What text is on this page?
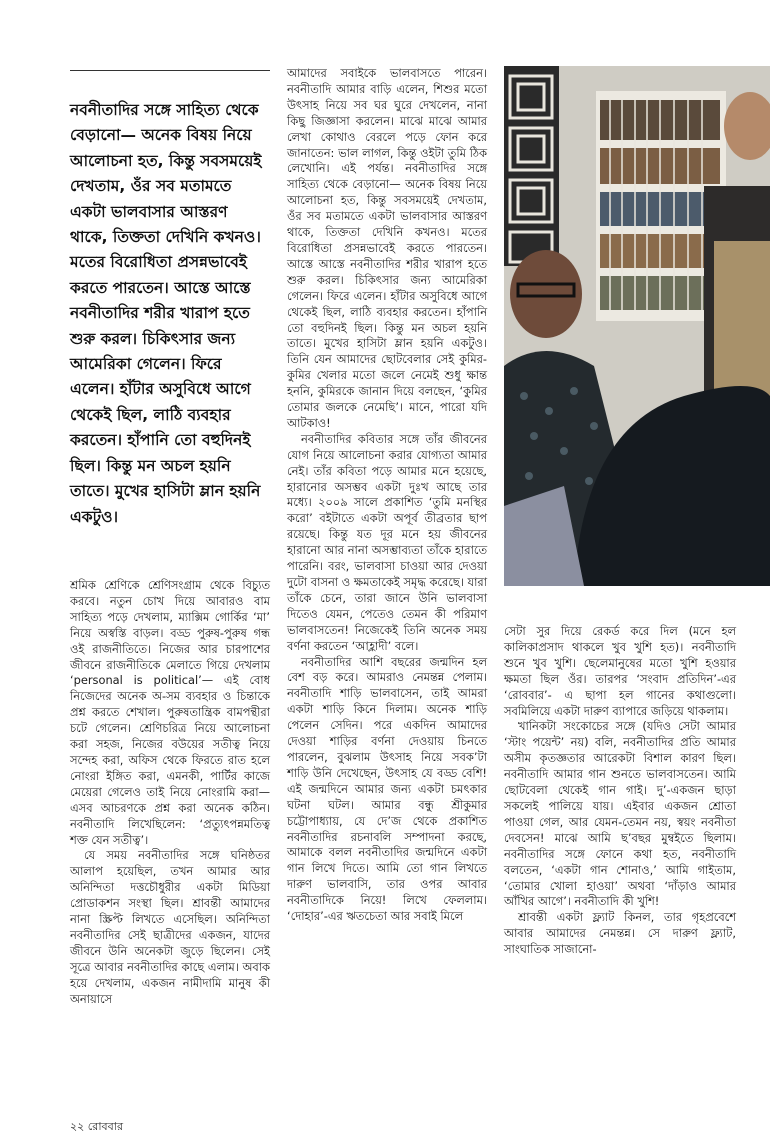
নবনীতাদির সঙ্গে সাহিত্য থেকে বেড়ানো— অনেক বিষয় নিয়ে আলোচনা হত, কিন্তু সবসময়েই দেখতাম, ওঁর সব মতামতে একটা ভালবাসার আস্তরণ থাকে, তিক্ততা দেখিনি কখনও। মতের বিরোধিতা প্রসন্নভাবেই করতে পারতেন। আস্তে আস্তে নবনীতাদির শরীর খারাপ হতে শুরু করল। চিকিৎসার জন্য আমেরিকা গেলেন। ফিরে এলেন। হাঁটার অসুবিধে আগে থেকেই ছিল, লাঠি ব্যবহার করতেন। হাঁপানি তো বহুদিনই ছিল। কিন্তু মন অচল হয়নি তাতে। মুখের হাসিটা ম্লান হয়নি একটুও।

শ্রমিক শ্রেণিকে শ্রেণিসংগ্রাম থেকে বিচ্যুত করবে। নতুন চোখ দিয়ে আবারও বাম সাহিত্য পড়ে দেখলাম, ম্যাক্সিম গোর্কির ‘মা’ নিয়ে অস্বস্তি বাড়ল। বড্ড পুরুষ-পুরুষ গন্ধ ওই রাজনীতিতে। নিজের আর চারপাশের জীবনে রাজনীতিকে মেলাতে গিয়ে দেখলাম ‘personal is political’— এই বোধ নিজেদের অনেক অ-সম ব্যবহার ও চিন্তাকে প্রশ্ন করতে শেখাল। পুরুষতান্ত্রিক বামপন্থীরা চটে গেলেন। শ্রেণিচরিত্র নিয়ে আলোচনা করা সহজ, নিজের বউয়ের সতীত্ব নিয়ে সন্দেহ করা, অফিস থেকে ফিরতে রাত হলে নোংরা ইঙ্গিত করা, এমনকী, পার্টির কাজে মেয়েরা গেলেও তাই নিয়ে নোংরামি করা— এসব আচরণকে প্রশ্ন করা অনেক কঠিন। নবনীতাদি লিখেছিলেন: ‘প্রত্যুৎপন্নমতিত্ব শক্ত যেন সতীত্ব’।

যে সময় নবনীতাদির সঙ্গে ঘনিষ্ঠতর আলাপ হয়েছিল, তখন আমার আর অনিন্দিতা দত্তচৌধুরীর একটা মিডিয়া প্রোডাকশন সংস্থা ছিল। শ্রাবন্তী আমাদের নানা স্ক্রিপ্ট লিখতে এসেছিল। অনিন্দিতা নবনীতাদির সেই ছাত্রীদের একজন, যাদের জীবনে উনি অনেকটা জুড়ে ছিলেন। সেই সূত্রে আবার নবনীতাদির কাছে এলাম। অবাক হয়ে দেখলাম, একজন নামীদামি মানুষ কী অনায়াসে

আমাদের সবাইকে ভালবাসতে পারেন। নবনীতাদি আমার বাড়ি এলেন, শিশুর মতো উৎসাহ নিয়ে সব ঘর ঘুরে দেখলেন, নানা কিছু জিজ্ঞাসা করলেন। মাঝে মাঝে আমার লেখা কোথাও বেরলে পড়ে ফোন করে জানাতেন: ভাল লাগল, কিন্তু ওইটা তুমি ঠিক লেখোনি। এই পর্যন্ত। নবনীতাদির সঙ্গে সাহিত্য থেকে বেড়ানো— অনেক বিষয় নিয়ে আলোচনা হত, কিন্তু সবসময়েই দেখতাম, ওঁর সব মতামতে একটা ভালবাসার আস্তরণ থাকে, তিক্ততা দেখিনি কখনও। মতের বিরোধিতা প্রসন্নভাবেই করতে পারতেন। আস্তে আস্তে নবনীতাদির শরীর খারাপ হতে শুরু করল। চিকিৎসার জন্য আমেরিকা গেলেন। ফিরে এলেন। হাঁটার অসুবিধে আগে থেকেই ছিল, লাঠি ব্যবহার করতেন। হাঁপানি তো বহুদিনই ছিল। কিন্তু মন অচল হয়নি তাতে। মুখের হাসিটা ম্লান হয়নি একটুও। তিনি যেন আমাদের ছোটবেলার সেই কুমির-কুমির খেলার মতো জলে নেমেই শুধু ক্ষান্ত হননি, কুমিরকে জানান দিয়ে বলছেন, ‘কুমির তোমার জলকে নেমেছি’। মানে, পারো যদি আটকাও!

নবনীতাদির কবিতার সঙ্গে তাঁর জীবনের যোগ নিয়ে আলোচনা করার যোগ্যতা আমার নেই। তাঁর কবিতা পড়ে আমার মনে হয়েছে, হারানোর অসম্ভব একটা দুঃখ আছে তার মধ্যে। ২০০৯ সালে প্রকাশিত ‘তুমি মনস্থির করো’ বইটাতে একটা অপূর্ব তীব্রতার ছাপ রয়েছে। কিন্তু যত দূর মনে হয় জীবনের হারানো আর নানা অসম্ভাব্যতা তাঁকে হারাতে পারেনি। বরং, ভালবাসা চাওয়া আর দেওয়া দুটো বাসনা ও ক্ষমতাকেই সমৃদ্ধ করেছে। যারা তাঁকে চেনে, তারা জানে উনি ভালবাসা দিতেও যেমন, পেতেও তেমন কী পরিমাণ ভালবাসতেন! নিজেকেই তিনি অনেক সময় বর্ণনা করতেন ‘আহ্লাদী’ বলে।

নবনীতাদির আশি বছরের জন্মদিন হল বেশ বড় করে। আমরাও নেমন্তন্ন পেলাম। নবনীতাদি শাড়ি ভালবাসেন, তাই আমরা একটা শাড়ি কিনে দিলাম। অনেক শাড়ি পেলেন সেদিন। পরে একদিন আমাদের দেওয়া শাড়ির বর্ণনা দেওয়ায় চিনতে পারলেন, বুঝলাম উৎসাহ নিয়ে সবক’টা শাড়ি উনি দেখেছেন, উৎসাহ যে বড্ড বেশি! এই জন্মদিনে আমার জন্য একটা চমৎকার ঘটনা ঘটল। আমার বন্ধু শ্রীকুমার চট্টোপাধ্যায়, যে দে’জ থেকে প্রকাশিত নবনীতাদির রচনাবলি সম্পাদনা করছে, আমাকে বলল নবনীতাদির জন্মদিনে একটা গান লিখে দিতে। আমি তো গান লিখতে দারুণ ভালবাসি, তার ওপর আবার নবনীতাদিকে নিয়ে! লিখে ফেললাম। ‘দোহার’-এর ঋতচেতা আর সবাই মিলে

সেটা সুর দিয়ে রেকর্ড করে দিল (মনে হল কালিকাপ্রসাদ থাকলে খুব খুশি হত)। নবনীতাদি শুনে খুব খুশি। ছেলেমানুষের মতো খুশি হওয়ার ক্ষমতা ছিল ওঁর। তারপর ‘সংবাদ প্রতিদিন’-এর ‘রোববার’- এ ছাপা হল গানের কথাগুলো। সবমিলিয়ে একটা দারুণ ব্যাপারে জড়িয়ে থাকলাম।

খানিকটা সংকোচের সঙ্গে (যদিও সেটা আমার ‘স্টাং পয়েন্ট’ নয়) বলি, নবনীতাদির প্রতি আমার অসীম কৃতজ্ঞতার আরেকটা বিশাল কারণ ছিল। নবনীতাদি আমার গান শুনতে ভালবাসতেন। আমি ছোটবেলা থেকেই গান গাই। দু’-একজন ছাড়া সকলেই পালিয়ে যায়। এইবার একজন শ্রোতা পাওয়া গেল, আর যেমন-তেমন নয়, স্বয়ং নবনীতা দেবসেন! মাঝে আমি ছ’বছর মুম্বইতে ছিলাম। নবনীতাদির সঙ্গে ফোনে কথা হত, নবনীতাদি বলতেন, ‘একটা গান শোনাও,’ আমি গাইতাম, ‘তোমার খোলা হাওয়া’ অথবা ‘দাঁড়াও আমার আঁখির আগে’। নবনীতাদি কী খুশি!

শ্রাবন্তী একটা ফ্ল্যাট কিনল, তার গৃহপ্রবেশে আবার আমাদের নেমন্তন্ন। সে দারুণ ফ্ল্যাট, সাংঘাতিক সাজানো-

২২ রোববার
